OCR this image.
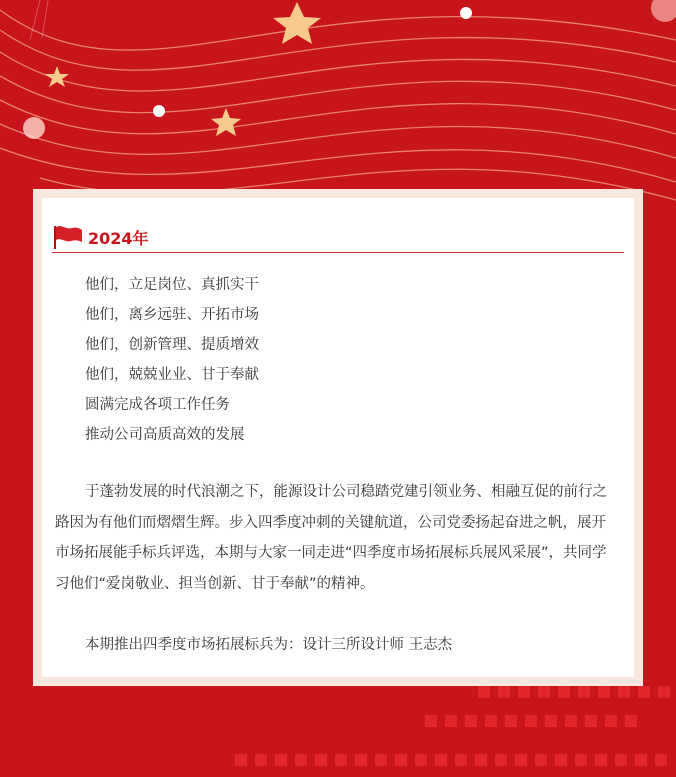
2024年
他们，立足岗位、真抓实干
他们，离乡远驻、开拓市场
他们，创新管理、提质增效
他们，兢兢业业、甘于奉献
圆满完成各项工作任务
推动公司高质高效的发展
于蓬勃发展的时代浪潮之下，能源设计公司稳踏党建引领业务、相融互促的前行之路因为有他们而熠熠生辉。步入四季度冲刺的关键航道，公司党委扬起奋进之帆，展开市场拓展能手标兵评选，本期与大家一同走进“四季度市场拓展标兵展风采展”，共同学习他们“爱岗敬业、担当创新、甘于奉献”的精神。
本期推出四季度市场拓展标兵为：设计三所设计师 王志杰
